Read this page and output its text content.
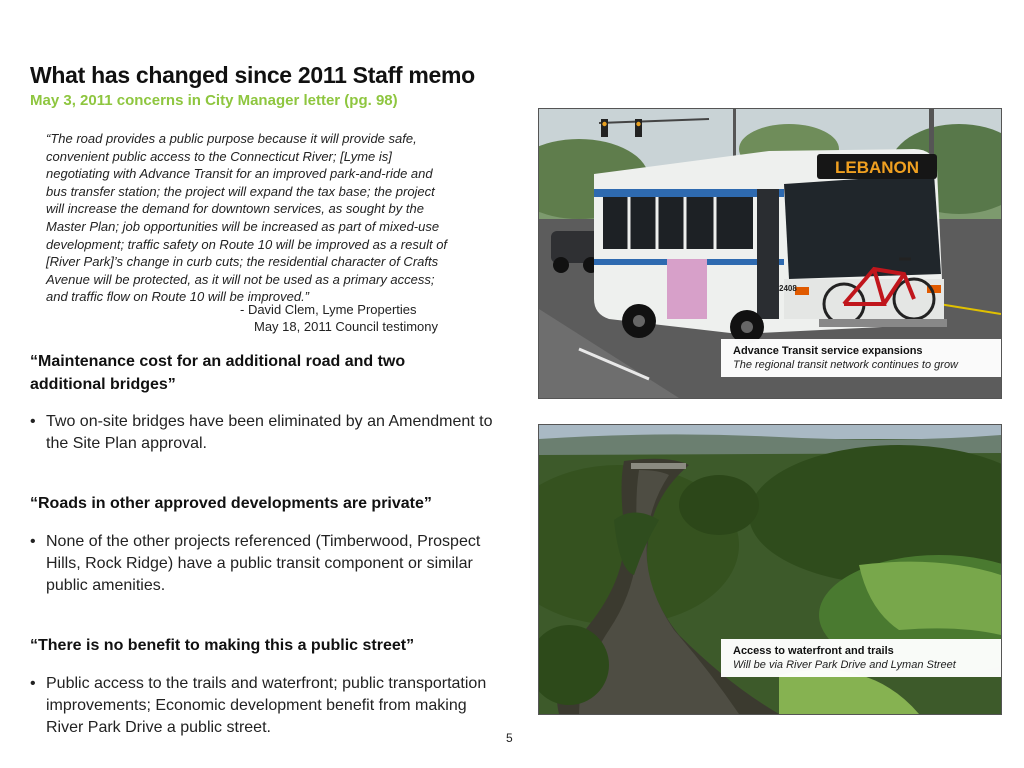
What has changed since 2011 Staff memo
May 3, 2011 concerns in City Manager letter (pg. 98)
“The road provides a public purpose because it will provide safe,
convenient public access to the Connecticut River; [Lyme is]
negotiating with Advance Transit for an improved park-and-ride and
bus transfer station; the project will expand the tax base; the project
will increase the demand for downtown services, as sought by the
Master Plan; job opportunities will be increased as part of mixed-use
development; traffic safety on Route 10 will be improved as a result of
[River Park]’s change in curb cuts; the residential character of Crafts
Avenue will be protected, as it will not be used as a primary access;
and traffic flow on Route 10 will be improved.”
- David Clem, Lyme Properties
May 18, 2011 Council testimony
“Maintenance cost for an additional road and two additional bridges”
• Two on-site bridges have been eliminated by an Amendment to the Site Plan approval.
“Roads in other approved developments are private”
• None of the other projects referenced (Timberwood, Prospect Hills, Rock Ridge) have a public transit component or similar public amenities.
“There is no benefit to making this a public street”
• Public access to the trails and waterfront; public transportation improvements; Economic development benefit from making River Park Drive a public street.
5
LEBANON
2408
Advance Transit service expansions
The regional transit network continues to grow
Access to waterfront and trails
Will be via River Park Drive and Lyman Street
